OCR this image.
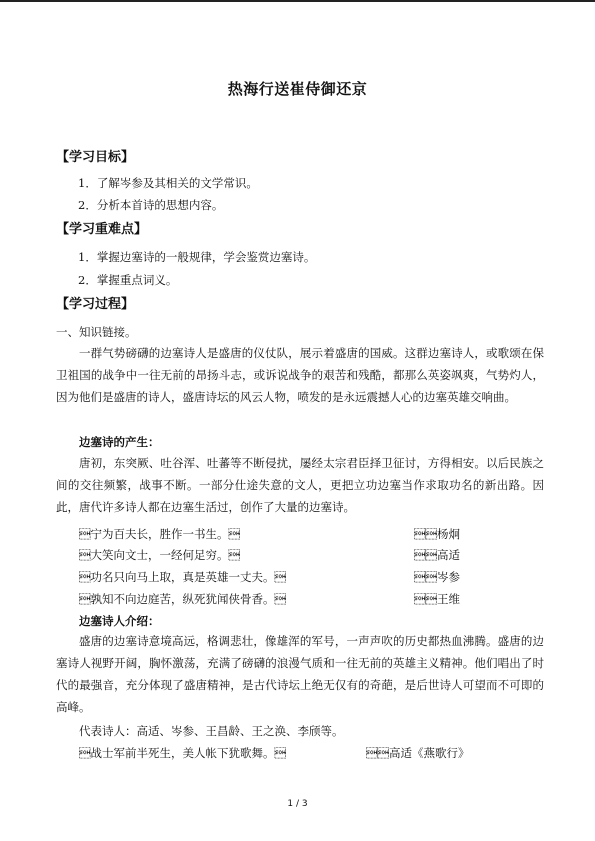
热海行送崔侍御还京
【学习目标】
1．了解岑参及其相关的文学常识。
2．分析本首诗的思想内容。
【学习重难点】
1．掌握边塞诗的一般规律，学会鉴赏边塞诗。
2．掌握重点词义。
【学习过程】
一、知识链接。
一群气势磅礴的边塞诗人是盛唐的仪仗队，展示着盛唐的国威。这群边塞诗人，或歌颂在保卫祖国的战争中一往无前的昂扬斗志，或诉说战争的艰苦和残酷，都那么英姿飒爽，气势灼人，因为他们是盛唐的诗人，盛唐诗坛的风云人物，喷发的是永远震撼人心的边塞英雄交响曲。
边塞诗的产生：
唐初，东突厥、吐谷浑、吐蕃等不断侵扰，屡经太宗君臣择卫征讨，方得相安。以后民族之间的交往频繁，战事不断。一部分仕途失意的文人，更把立功边塞当作求取功名的新出路。因此，唐代许多诗人都在边塞生活过，创作了大量的边塞诗。
宁为百夫长，胜作一书生。	杨炯
大笑向文士，一经何足穷。	高适
功名只向马上取，真是英雄一丈夫。	岑参
孰知不向边庭苦，纵死犹闻侠骨香。	王维
边塞诗人介绍：
盛唐的边塞诗意境高远，格调悲壮，像雄浑的军号，一声声吹的历史都热血沸腾。盛唐的边塞诗人视野开阔，胸怀激荡，充满了磅礴的浪漫气质和一往无前的英雄主义精神。他们唱出了时代的最强音，充分体现了盛唐精神，是古代诗坛上绝无仅有的奇葩，是后世诗人可望而不可即的高峰。
代表诗人：高适、岑参、王昌龄、王之涣、李颀等。
战士军前半死生，美人帐下犹歌舞。	高适《燕歌行》
1 / 3
